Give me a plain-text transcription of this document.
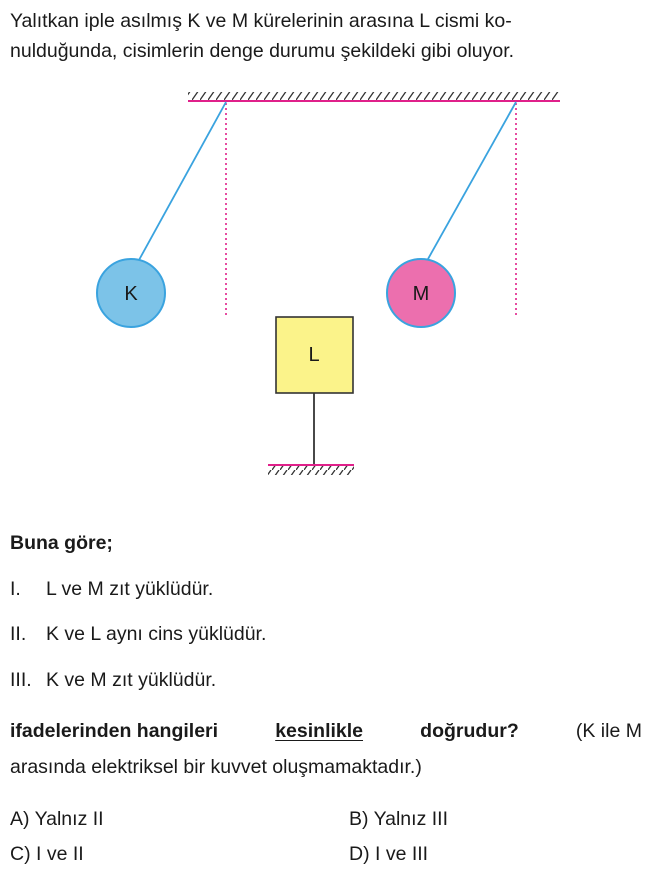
Yalıtkan iple asılmış K ve M kürelerinin arasına L cismi ko-
nulduğunda, cisimlerin denge durumu şekildeki gibi oluyor.
K	M
L
Buna göre;
I. L ve M zıt yüklüdür.
II. K ve L aynı cins yüklüdür.
III. K ve M zıt yüklüdür.
ifadelerinden hangileri	kesinlikle	doğrudur?	(K ile M
arasında elektriksel bir kuvvet oluşmamaktadır.)
A) Yalnız II	B) Yalnız III
C) I ve II	D) I ve III
